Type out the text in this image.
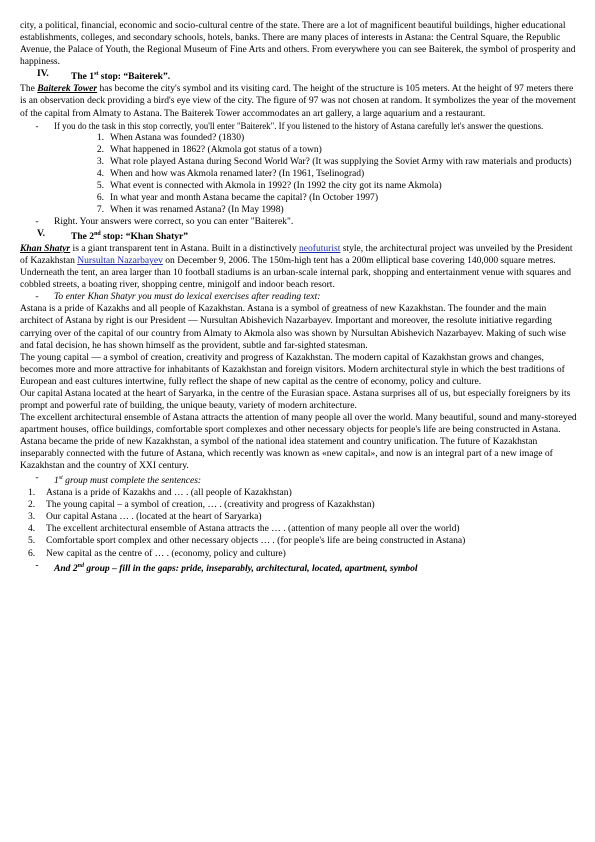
city, a political, financial, economic and socio-cultural centre of the state. There are a lot of magnificent beautiful buildings, higher educational establishments, colleges, and secondary schools, hotels, banks. There are many places of interests in Astana: the Central Square, the Republic Avenue, the Palace of Youth, the Regional Museum of Fine Arts and others. From everywhere you can see Baiterek, the symbol of prosperity and happiness.

IV.	The 1st stop: “Baiterek”.

The Baiterek Tower has become the city's symbol and its visiting card. The height of the structure is 105 meters. At the height of 97 meters there is an observation deck providing a bird's eye view of the city. The figure of 97 was not chosen at random. It symbolizes the year of the movement of the capital from Almaty to Astana. The Baiterek Tower accommodates an art gallery, a large aquarium and a restaurant.

-	If you do the task in this stop correctly, you'll enter "Baiterek". If you listened to the history of Astana carefully let's answer the questions.
1. When Astana was founded? (1830)
2. What happened in 1862? (Akmola got status of a town)
3. What role played Astana during Second World War? (It was supplying the Soviet Army with raw materials and products)
4. When and how was Akmola renamed later? (In 1961, Tselinograd)
5. What event is connected with Akmola in 1992? (In 1992 the city got its name Akmola)
6. In what year and month Astana became the capital? (In October 1997)
7. When it was renamed Astana? (In May 1998)
-	Right. Your answers were correct, so you can enter "Baiterek".
V.	The 2nd stop: “Khan Shatyr”

Khan Shatyr is a giant transparent tent in Astana. Built in a distinctively neofuturist style, the architectural project was unveiled by the President of Kazakhstan Nursultan Nazarbayev on December 9, 2006. The 150m-high tent has a 200m elliptical base covering 140,000 square metres. Underneath the tent, an area larger than 10 football stadiums is an urban-scale internal park, shopping and entertainment venue with squares and cobbled streets, a boating river, shopping centre, minigolf and indoor beach resort.

-	To enter Khan Shatyr you must do lexical exercises after reading text:

Astana is a pride of Kazakhs and all people of Kazakhstan. Astana is a symbol of greatness of new Kazakhstan. The founder and the main architect of Astana by right is our President — Nursultan Abishevich Nazarbayev. Important and moreover, the resolute initiative regarding carrying over of the capital of our country from Almaty to Akmola also was shown by Nursultan Abishevich Nazarbayev. Making of such wise and fatal decision, he has shown himself as the provident, subtle and far-sighted statesman.

The young capital — a symbol of creation, creativity and progress of Kazakhstan. The modern capital of Kazakhstan grows and changes, becomes more and more attractive for inhabitants of Kazakhstan and foreign visitors. Modern architectural style in which the best traditions of European and east cultures intertwine, fully reflect the shape of new capital as the centre of economy, policy and culture.

Our capital Astana located at the heart of Saryarka, in the centre of the Eurasian space. Astana surprises all of us, but especially foreigners by its prompt and powerful rate of building, the unique beauty, variety of modern architecture.

The excellent architectural ensemble of Astana attracts the attention of many people all over the world. Many beautiful, sound and many-storeyed apartment houses, office buildings, comfortable sport complexes and other necessary objects for people's life are being constructed in Astana.

Astana became the pride of new Kazakhstan, a symbol of the national idea statement and country unification. The future of Kazakhstan inseparably connected with the future of Astana, which recently was known as «new capital», and now is an integral part of a new image of Kazakhstan and the country of XXI century.

-	1st group must complete the sentences:
1.	Astana is a pride of Kazakhs and … . (all people of Kazakhstan)
2.	The young capital – a symbol of creation, … . (creativity and progress of Kazakhstan)
3.	Our capital Astana … . (located at the heart of Saryarka)
4.	The excellent architectural ensemble of Astana attracts the … . (attention of many people all over the world)
5.	Comfortable sport complex and other necessary objects … . (for people's life are being constructed in Astana)
6.	New capital as the centre of … . (economy, policy and culture)
-	And 2nd group – fill in the gaps: pride, inseparably, architectural, located, apartment, symbol
